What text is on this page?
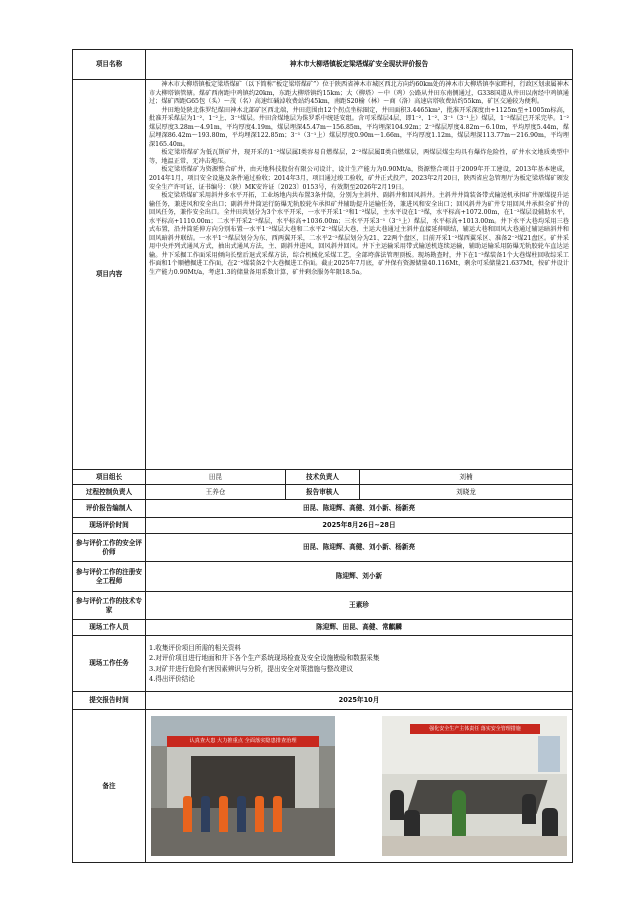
项目名称	神木市大柳塔镇板定梁塔煤矿安全现状评价报告		
项目内容	神木市大柳塔镇板定梁塔煤矿（以下简称“板定梁塔煤矿”）位于陕西省神木市城区西北方向约60km处的神木市大柳塔镇李家畔村，行政区划隶属神木市大柳塔镇管辖。煤矿西南距中鸡镇约20km，东距大柳塔镇约15km；大（柳塔）～中（鸡）公路从井田东南侧通过，G338国道从井田以南经中鸡镇通过；煤矿西距G65包（头）～茂（名）高速红碱淖收费站约45km，南距S20榆（林）～商（洛）高速店塔收费站约55km，矿区交通较为便利。

井田地处陕北侏罗纪煤田神木北部矿区西北端，井田范围由12个拐点坐标圈定，井田面积3.4465km²，批准开采深度由+1125m至+1005m标高，批准开采煤层为1⁻²、1⁻²上、3⁻¹煤层。井田含煤地层为侏罗系中统延安组。含可采煤层4层，即1⁻²、1⁻²、3⁻¹（3⁻¹上）煤层，1⁻²煤层已开采完毕。1⁻²煤层厚度3.28m～4.91m，平均厚度4.19m，煤层埋深45.47m～156.85m，平均埋深104.92m；2⁻²煤层厚度4.82m～6.10m，平均厚度5.44m，煤层埋深86.42m～193.80m，平均埋深122.85m；3⁻¹（3⁻¹上）煤层厚度0.90m～1.66m，平均厚度1.12m，煤层埋深113.77m～216.90m，平均埋深165.40m。

板定梁塔煤矿为低瓦斯矿井，现开采的1⁻²煤层属Ⅰ类容易自燃煤层，2⁻²煤层属Ⅱ类自燃煤层，两煤层煤尘均具有爆炸危险性，矿井水文地质类型中等，地温正常，无冲击地压。

板定梁塔煤矿为资源整合矿井，由天地科技股份有限公司设计，设计生产能力为0.90Mt/a，资源整合项目于2009年开工建设，2013年基本建成，2014年1月，项目安全设施及条件通过验收；2014年3月，项目通过竣工验收，矿井正式投产，2023年2月20日，陕西省应急管理厅为板定梁塔煤矿颁发安全生产许可证，证书编号：（陕）MK安许证〔2023〕0153号，有效期至2026年2月19日。

板定梁塔煤矿采用斜井多水平开拓，工业场地内共布置3条井筒，分别为主斜井、副斜井和回风斜井。主斜井井筒装备带式输送机承担矿井原煤提升运输任务，兼进风和安全出口；副斜井井筒运行防爆无轨胶轮车承担矿井辅助提升运输任务，兼进风和安全出口；回风斜井为矿井专用回风井承担全矿井的回风任务，兼作安全出口。全井田共划分为3个水平开采，一水平开采1⁻²和1⁻²煤层，主水平设在1⁻²煤，水平标高+1072.00m，在1⁻²煤层设辅助水平，水平标高+1110.00m；二水平开采2⁻²煤层，水平标高+1036.00m；三水平开采3⁻¹（3⁻¹上）煤层，水平标高+1013.00m。井下水平大巷均采用三巷式布置，沿井筒延伸方向分别布置一水平1⁻²煤层大巷和二水平2⁻²煤层大巷，主运大巷通过主斜井直接延伸联结，辅运大巷和回风大巷通过辅运暗斜井和回风暗斜井联结。一水平1⁻²煤层划分为东、西两翼开采，二水平2⁻²煤层划分为21、22两个盘区，目前开采1⁻²煤西翼采区、准备2⁻²煤21盘区。矿井采用中央并列式通风方式，抽出式通风方法，主、副斜井进风，回风斜井回风。井下主运输采用带式输送机连续运输，辅助运输采用防爆无轨胶轮车直达运输。井下采掘工作面采用倾向长壁后退式采煤方法，综合机械化采煤工艺，全部垮落法管理顶板。现场勘查时，井下在1⁻²煤装备1个大巷煤柱回收综采工作面和1个顺槽掘进工作面，在2⁻²煤装备2个大巷掘进工作面。截止2025年7月底，矿井保有资源储量40.116Mt，剩余可采储量21.637Mt，按矿井设计生产能力0.90Mt/a，考虑1.3的储量备用系数计算，矿井剩余服务年限18.5a。		

项目组长	田昆	技术负责人	刘楠
过程控制负责人	王养仓	报告审核人	刘晓龙
评价报告编制人	田昆、陈迎辉、高健、刘小新、杨新亮		
现场评价时间	2025年8月26日~28日		
参与评价工作的安全评价师	田昆、陈迎辉、高健、刘小新、杨新亮		
参与评价工作的注册安全工程师	陈迎辉、刘小新		
参与评价工作的技术专家	王素珍		
现场工作人员	陈迎辉、田昆、高健、常麒麟		
现场工作任务	1.收集评价项目所需的相关资料

2.对评价项目进行地面和井下各个生产系统现场检查及安全设施勘验和数据采集

3.对矿井进行危险有害因素辨识与分析，提出安全对策措施与整改建议

4.得出评价结论		

提交报告时间	2025年10月		
备注	认真查大患 大力推重点 全面落实隐患排查治理
强化安全生产主体责任 落实安全管理措施		
